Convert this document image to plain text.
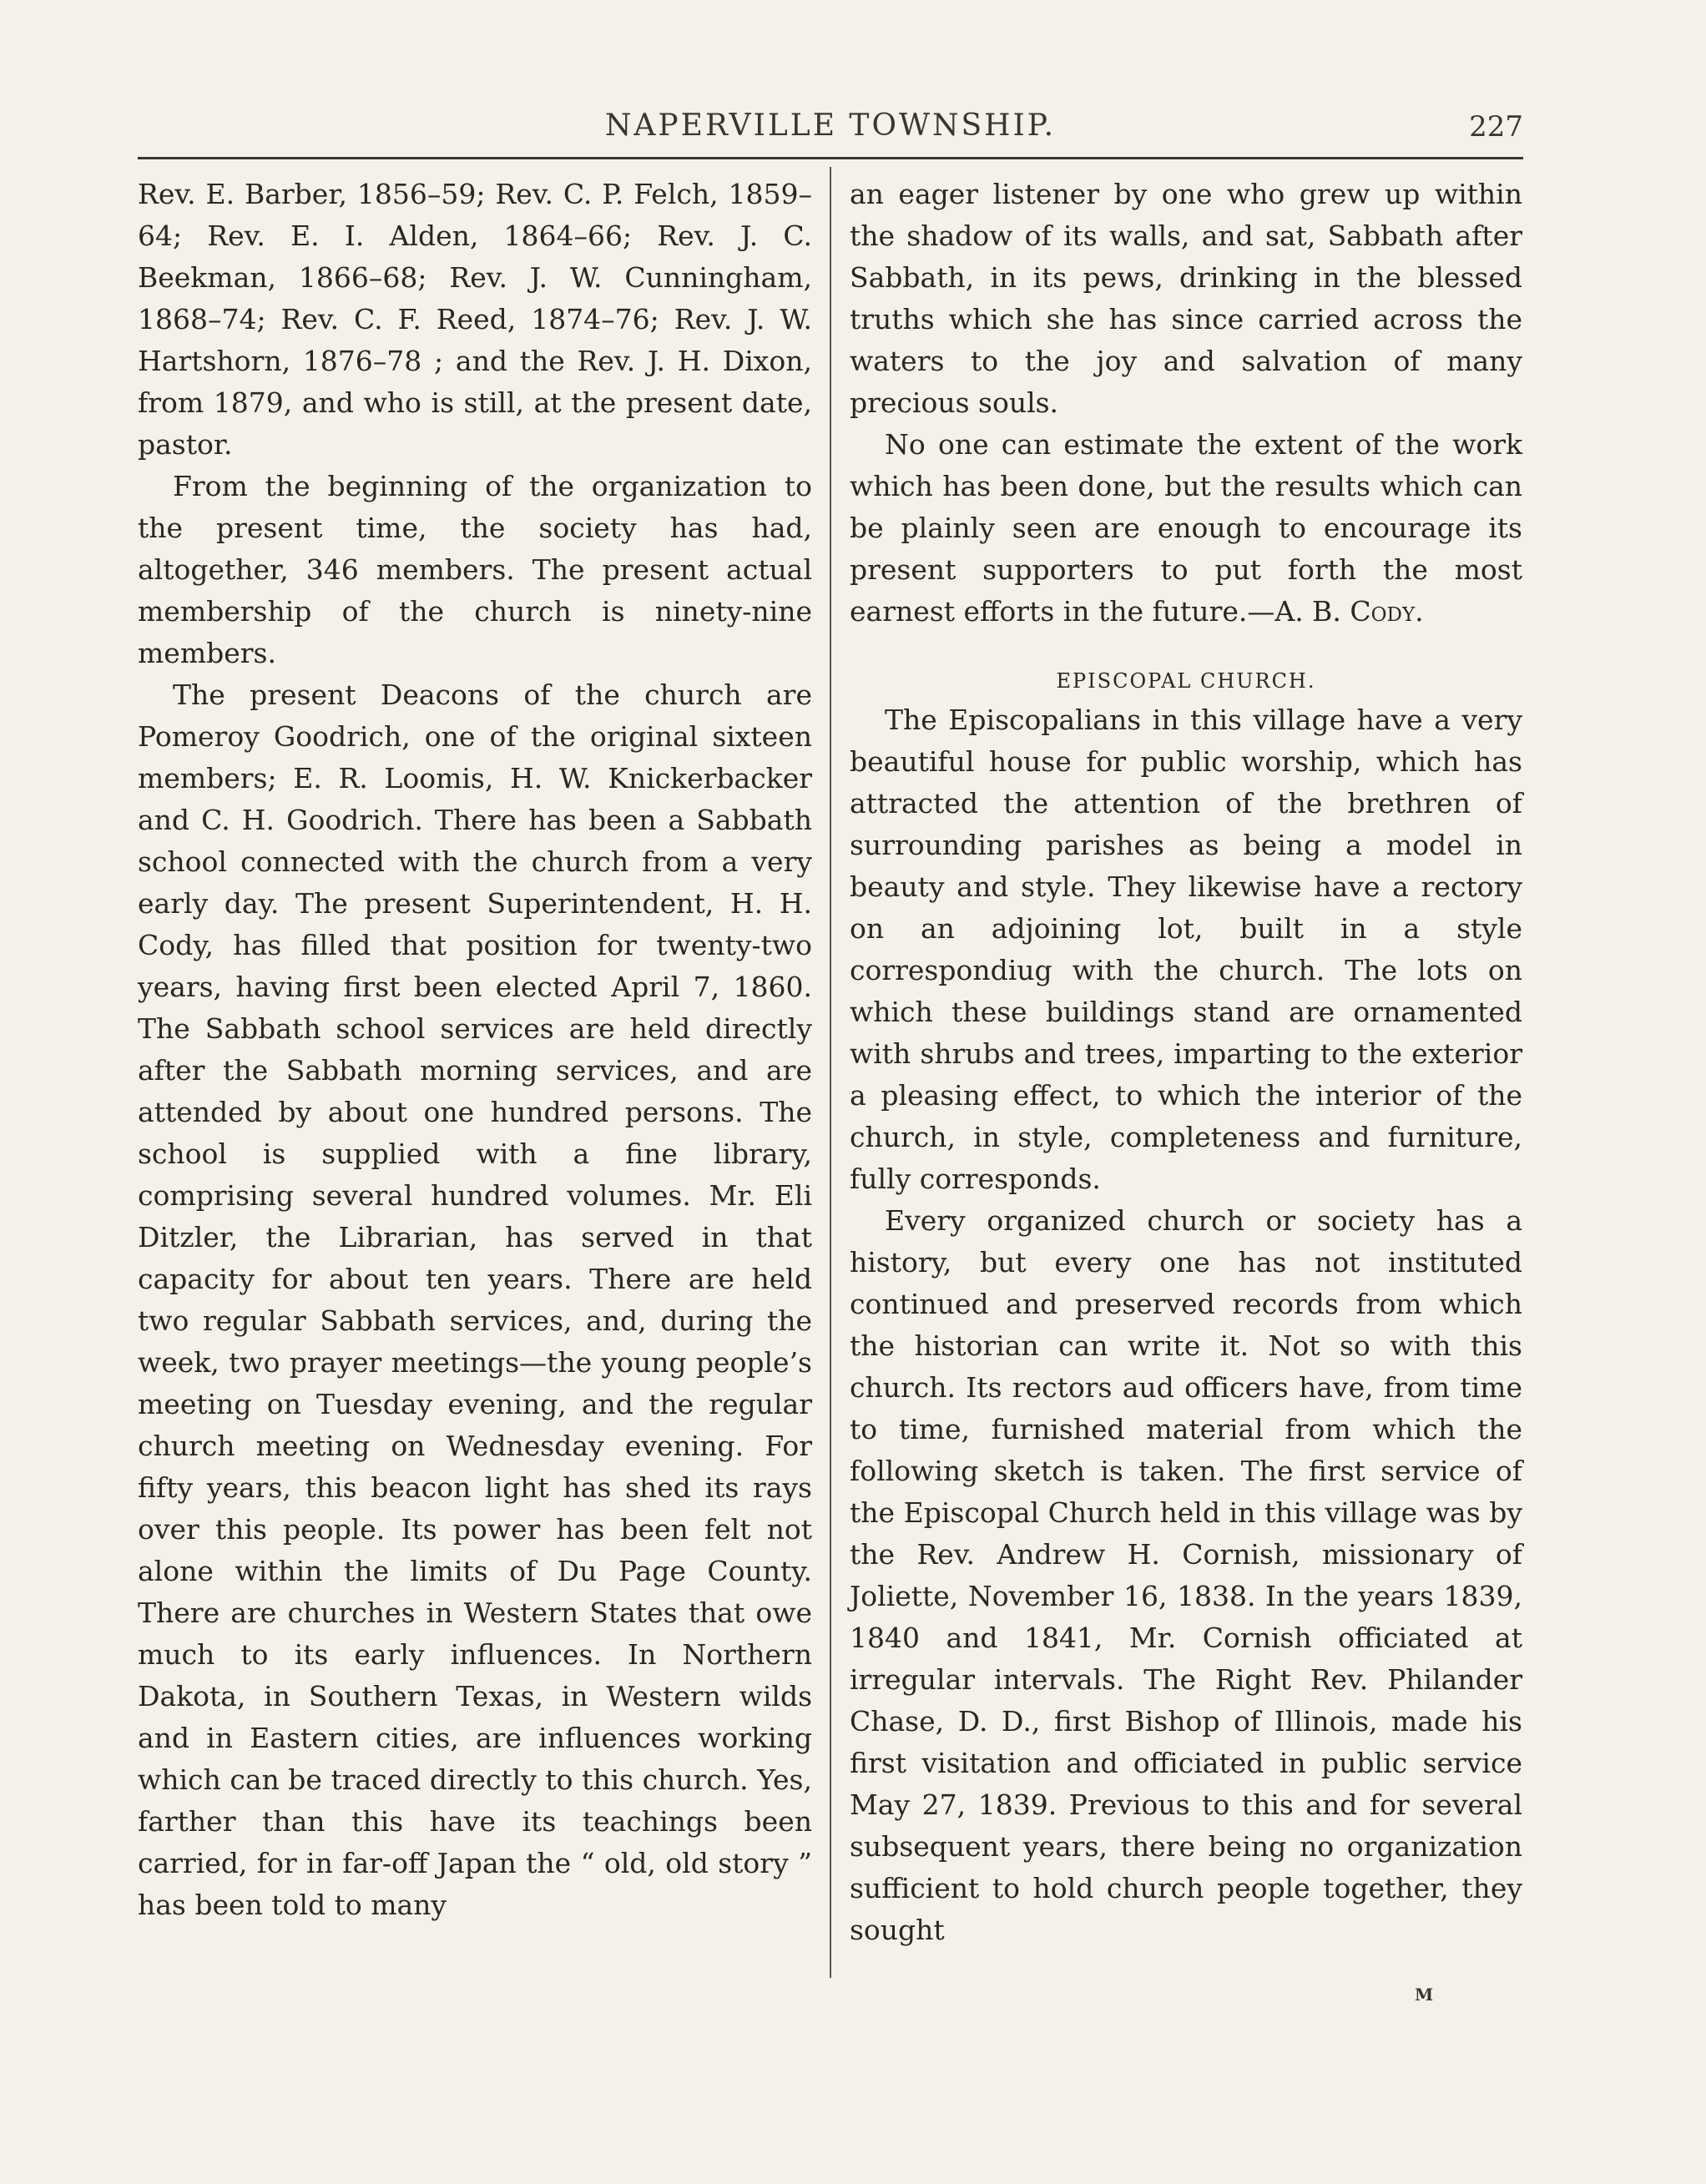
NAPERVILLE TOWNSHIP.	227

Rev. E. Barber, 1856–59; Rev. C. P. Felch, 1859–64; Rev. E. I. Alden, 1864–66; Rev. J. C. Beekman, 1866–68; Rev. J. W. Cunningham, 1868–74; Rev. C. F. Reed, 1874–76; Rev. J. W. Hartshorn, 1876–78 ; and the Rev. J. H. Dixon, from 1879, and who is still, at the present date, pastor.

From the beginning of the organization to the present time, the society has had, altogether, 346 members. The present actual membership of the church is ninety-nine members.

The present Deacons of the church are Pomeroy Goodrich, one of the original sixteen members; E. R. Loomis, H. W. Knickerbacker and C. H. Goodrich. There has been a Sabbath school connected with the church from a very early day. The present Superintendent, H. H. Cody, has filled that position for twenty-two years, having first been elected April 7, 1860. The Sabbath school services are held directly after the Sabbath morning services, and are attended by about one hundred persons. The school is supplied with a fine library, comprising several hundred volumes. Mr. Eli Ditzler, the Librarian, has served in that capacity for about ten years. There are held two regular Sabbath services, and, during the week, two prayer meetings—the young people’s meeting on Tuesday evening, and the regular church meeting on Wednesday evening. For fifty years, this beacon light has shed its rays over this people. Its power has been felt not alone within the limits of Du Page County. There are churches in Western States that owe much to its early influences. In Northern Dakota, in Southern Texas, in Western wilds and in Eastern cities, are influences working which can be traced directly to this church. Yes, farther than this have its teachings been carried, for in far-off Japan the “ old, old story ” has been told to many

an eager listener by one who grew up within the shadow of its walls, and sat, Sabbath after Sabbath, in its pews, drinking in the blessed truths which she has since carried across the waters to the joy and salvation of many precious souls.

No one can estimate the extent of the work which has been done, but the results which can be plainly seen are enough to encourage its present supporters to put forth the most earnest efforts in the future.—A. B. Cody.

EPISCOPAL CHURCH.

The Episcopalians in this village have a very beautiful house for public worship, which has attracted the attention of the brethren of surrounding parishes as being a model in beauty and style. They likewise have a rectory on an adjoining lot, built in a style correspondiug with the church. The lots on which these buildings stand are ornamented with shrubs and trees, imparting to the exterior a pleasing effect, to which the interior of the church, in style, completeness and furniture, fully corresponds.

Every organized church or society has a history, but every one has not instituted continued and preserved records from which the historian can write it. Not so with this church. Its rectors aud officers have, from time to time, furnished material from which the following sketch is taken. The first service of the Episcopal Church held in this village was by the Rev. Andrew H. Cornish, missionary of Joliette, November 16, 1838. In the years 1839, 1840 and 1841, Mr. Cornish officiated at irregular intervals. The Right Rev. Philander Chase, D. D., first Bishop of Illinois, made his first visitation and officiated in public service May 27, 1839. Previous to this and for several subsequent years, there being no organization sufficient to hold church people together, they sought

M
